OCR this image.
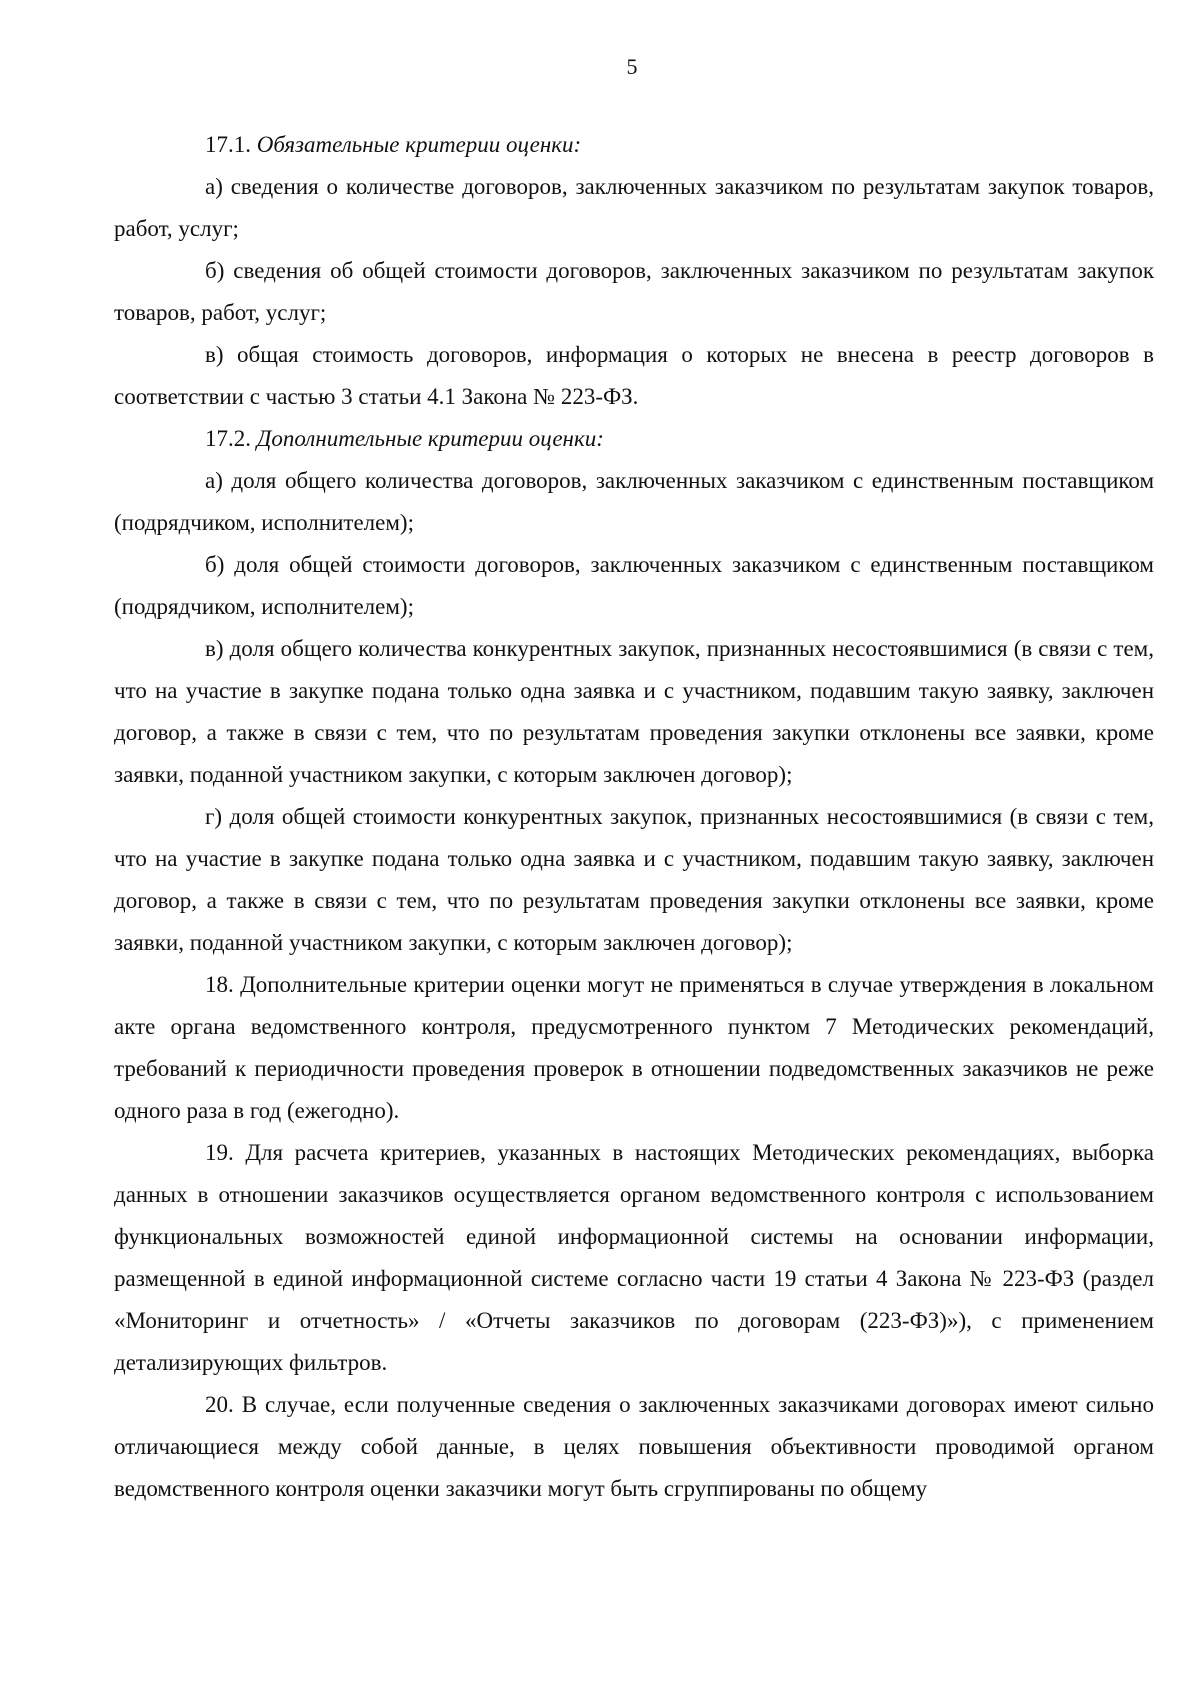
5

17.1. Обязательные критерии оценки:

а) сведения о количестве договоров, заключенных заказчиком по результатам закупок товаров, работ, услуг;

б) сведения об общей стоимости договоров, заключенных заказчиком по результатам закупок товаров, работ, услуг;

в) общая стоимость договоров, информация о которых не внесена в реестр договоров в соответствии с частью 3 статьи 4.1 Закона № 223-ФЗ.

17.2. Дополнительные критерии оценки:

а) доля общего количества договоров, заключенных заказчиком с единственным поставщиком (подрядчиком, исполнителем);

б) доля общей стоимости договоров, заключенных заказчиком с единственным поставщиком (подрядчиком, исполнителем);

в) доля общего количества конкурентных закупок, признанных несостоявшимися (в связи с тем, что на участие в закупке подана только одна заявка и с участником, подавшим такую заявку, заключен договор, а также в связи с тем, что по результатам проведения закупки отклонены все заявки, кроме заявки, поданной участником закупки, с которым заключен договор);

г) доля общей стоимости конкурентных закупок, признанных несостоявшимися (в связи с тем, что на участие в закупке подана только одна заявка и с участником, подавшим такую заявку, заключен договор, а также в связи с тем, что по результатам проведения закупки отклонены все заявки, кроме заявки, поданной участником закупки, с которым заключен договор);

18. Дополнительные критерии оценки могут не применяться в случае утверждения в локальном акте органа ведомственного контроля, предусмотренного пунктом 7 Методических рекомендаций, требований к периодичности проведения проверок в отношении подведомственных заказчиков не реже одного раза в год (ежегодно).

19. Для расчета критериев, указанных в настоящих Методических рекомендациях, выборка данных в отношении заказчиков осуществляется органом ведомственного контроля с использованием функциональных возможностей единой информационной системы на основании информации, размещенной в единой информационной системе согласно части 19 статьи 4 Закона № 223-ФЗ (раздел «Мониторинг и отчетность» / «Отчеты заказчиков по договорам (223-ФЗ)»), с применением детализирующих фильтров.

20. В случае, если полученные сведения о заключенных заказчиками договорах имеют сильно отличающиеся между собой данные, в целях повышения объективности проводимой органом ведомственного контроля оценки заказчики могут быть сгруппированы по общему
